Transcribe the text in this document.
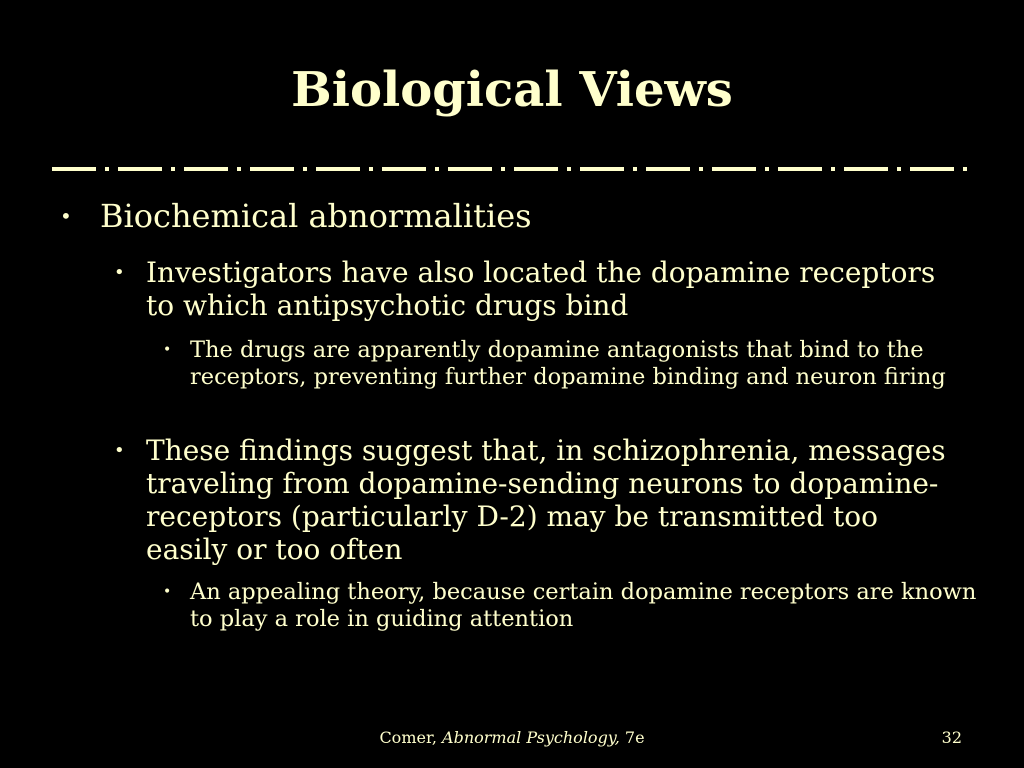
Biological Views

• Biochemical abnormalities

• Investigators have also located the dopamine receptors to which antipsychotic drugs bind

• The drugs are apparently dopamine antagonists that bind to the receptors, preventing further dopamine binding and neuron firing

• These findings suggest that, in schizophrenia, messages traveling from dopamine-sending neurons to dopamine-receptors (particularly D-2) may be transmitted too easily or too often

• An appealing theory, because certain dopamine receptors are known to play a role in guiding attention

Comer, Abnormal Psychology, 7e	32
